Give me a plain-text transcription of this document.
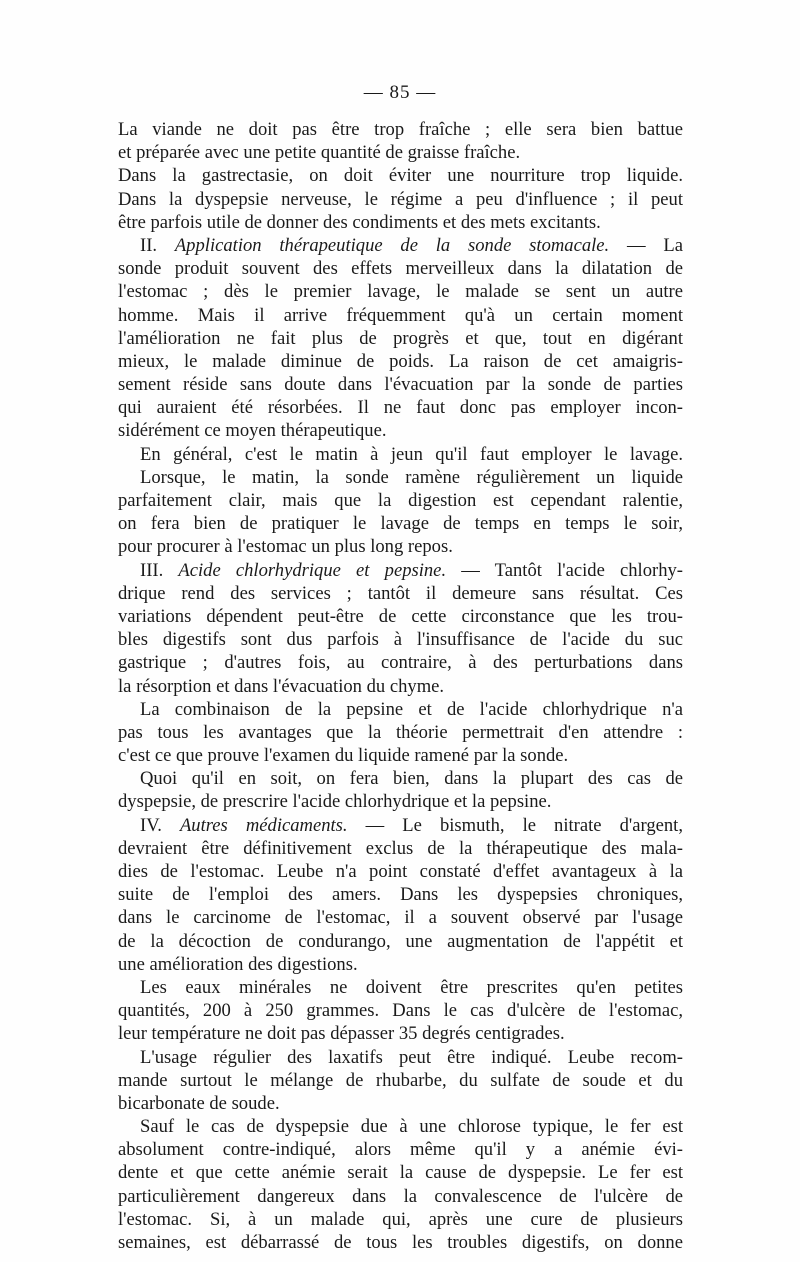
— 85 —
La viande ne doit pas être trop fraîche ; elle sera bien battue
et préparée avec une petite quantité de graisse fraîche.
Dans la gastrectasie, on doit éviter une nourriture trop liquide.
Dans la dyspepsie nerveuse, le régime a peu d'influence ; il peut
être parfois utile de donner des condiments et des mets excitants.
II. Application thérapeutique de la sonde stomacale. — La
sonde produit souvent des effets merveilleux dans la dilatation de
l'estomac ; dès le premier lavage, le malade se sent un autre
homme. Mais il arrive fréquemment qu'à un certain moment
l'amélioration ne fait plus de progrès et que, tout en digérant
mieux, le malade diminue de poids. La raison de cet amaigris-
sement réside sans doute dans l'évacuation par la sonde de parties
qui auraient été résorbées. Il ne faut donc pas employer incon-
sidérément ce moyen thérapeutique.
En général, c'est le matin à jeun qu'il faut employer le lavage.
Lorsque, le matin, la sonde ramène régulièrement un liquide
parfaitement clair, mais que la digestion est cependant ralentie,
on fera bien de pratiquer le lavage de temps en temps le soir,
pour procurer à l'estomac un plus long repos.
III. Acide chlorhydrique et pepsine. — Tantôt l'acide chlorhy-
drique rend des services ; tantôt il demeure sans résultat. Ces
variations dépendent peut-être de cette circonstance que les trou-
bles digestifs sont dus parfois à l'insuffisance de l'acide du suc
gastrique ; d'autres fois, au contraire, à des perturbations dans
la résorption et dans l'évacuation du chyme.
La combinaison de la pepsine et de l'acide chlorhydrique n'a
pas tous les avantages que la théorie permettrait d'en attendre :
c'est ce que prouve l'examen du liquide ramené par la sonde.
Quoi qu'il en soit, on fera bien, dans la plupart des cas de
dyspepsie, de prescrire l'acide chlorhydrique et la pepsine.
IV. Autres médicaments. — Le bismuth, le nitrate d'argent,
devraient être définitivement exclus de la thérapeutique des mala-
dies de l'estomac. Leube n'a point constaté d'effet avantageux à la
suite de l'emploi des amers. Dans les dyspepsies chroniques,
dans le carcinome de l'estomac, il a souvent observé par l'usage
de la décoction de condurango, une augmentation de l'appétit et
une amélioration des digestions.
Les eaux minérales ne doivent être prescrites qu'en petites
quantités, 200 à 250 grammes. Dans le cas d'ulcère de l'estomac,
leur température ne doit pas dépasser 35 degrés centigrades.
L'usage régulier des laxatifs peut être indiqué. Leube recom-
mande surtout le mélange de rhubarbe, du sulfate de soude et du
bicarbonate de soude.
Sauf le cas de dyspepsie due à une chlorose typique, le fer est
absolument contre-indiqué, alors même qu'il y a anémie évi-
dente et que cette anémie serait la cause de dyspepsie. Le fer est
particulièrement dangereux dans la convalescence de l'ulcère de
l'estomac. Si, à un malade qui, après une cure de plusieurs
semaines, est débarrassé de tous les troubles digestifs, on donne
